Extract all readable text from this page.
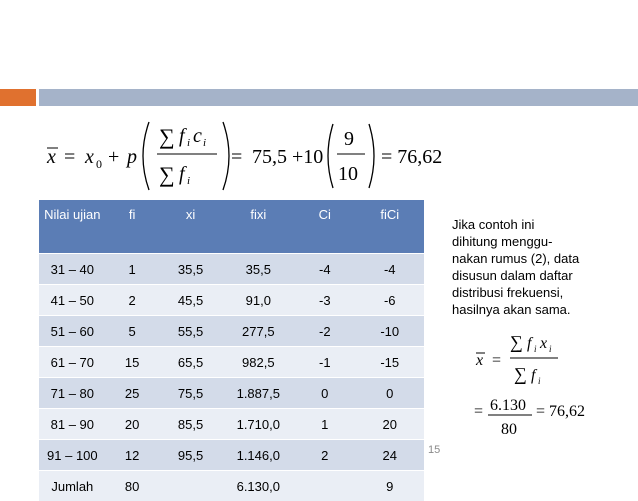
x = x 0 + p
∑ f i c i
∑ f i
= 75,5 +10
9
10
= 76,62
Nilai ujian	fi	xi	fixi	Ci	fiCi
31 – 40	1	35,5	35,5	-4	-4
41 – 50	2	45,5	91,0	-3	-6
51 – 60	5	55,5	277,5	-2	-10
61 – 70	15	65,5	982,5	-1	-15
71 – 80	25	75,5	1.887,5	0	0
81 – 90	20	85,5	1.710,0	1	20
91 – 100	12	95,5	1.146,0	2	24
Jumlah	80		6.130,0		9
Jika contoh ini
dihitung menggu-
nakan rumus (2), data
disusun dalam daftar
distribusi frekuensi,
hasilnya akan sama.
x =
∑ f i x i
∑ f i
= 6.130
80
= 76,62
15
